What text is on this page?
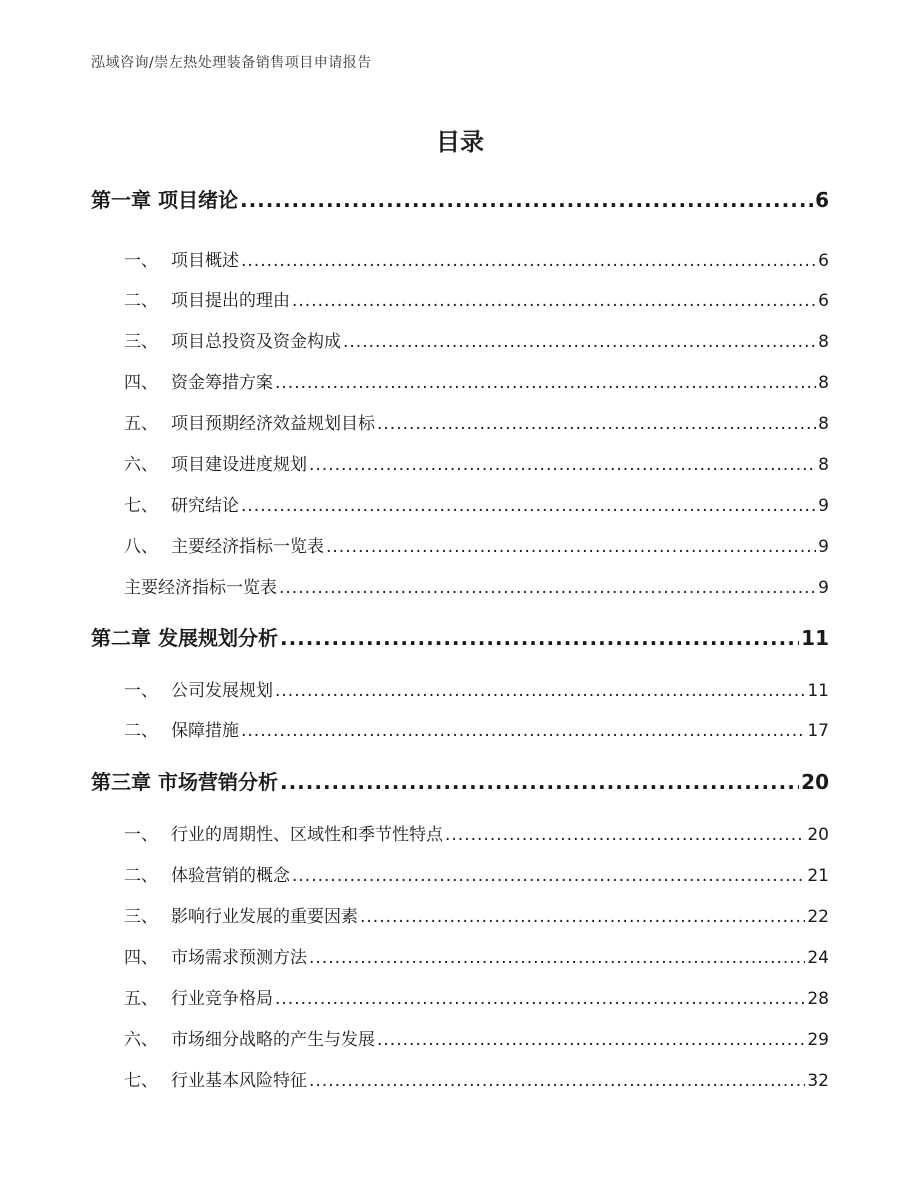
泓域咨询/崇左热处理装备销售项目申请报告
目录
第一章 项目绪论 .....	6
一、 项目概述 .....	6
二、 项目提出的理由 .....	6
三、 项目总投资及资金构成 .....	8
四、 资金筹措方案 .....	8
五、 项目预期经济效益规划目标 .....	8
六、 项目建设进度规划 .....	8
七、 研究结论 .....	9
八、 主要经济指标一览表 .....	9
主要经济指标一览表 .....	9
第二章 发展规划分析 .....	11
一、 公司发展规划 .....	11
二、 保障措施 .....	17
第三章 市场营销分析 .....	20
一、 行业的周期性、区域性和季节性特点 .....	20
二、 体验营销的概念 .....	21
三、 影响行业发展的重要因素 .....	22
四、 市场需求预测方法 .....	24
五、 行业竞争格局 .....	28
六、 市场细分战略的产生与发展 .....	29
七、 行业基本风险特征 .....	32
